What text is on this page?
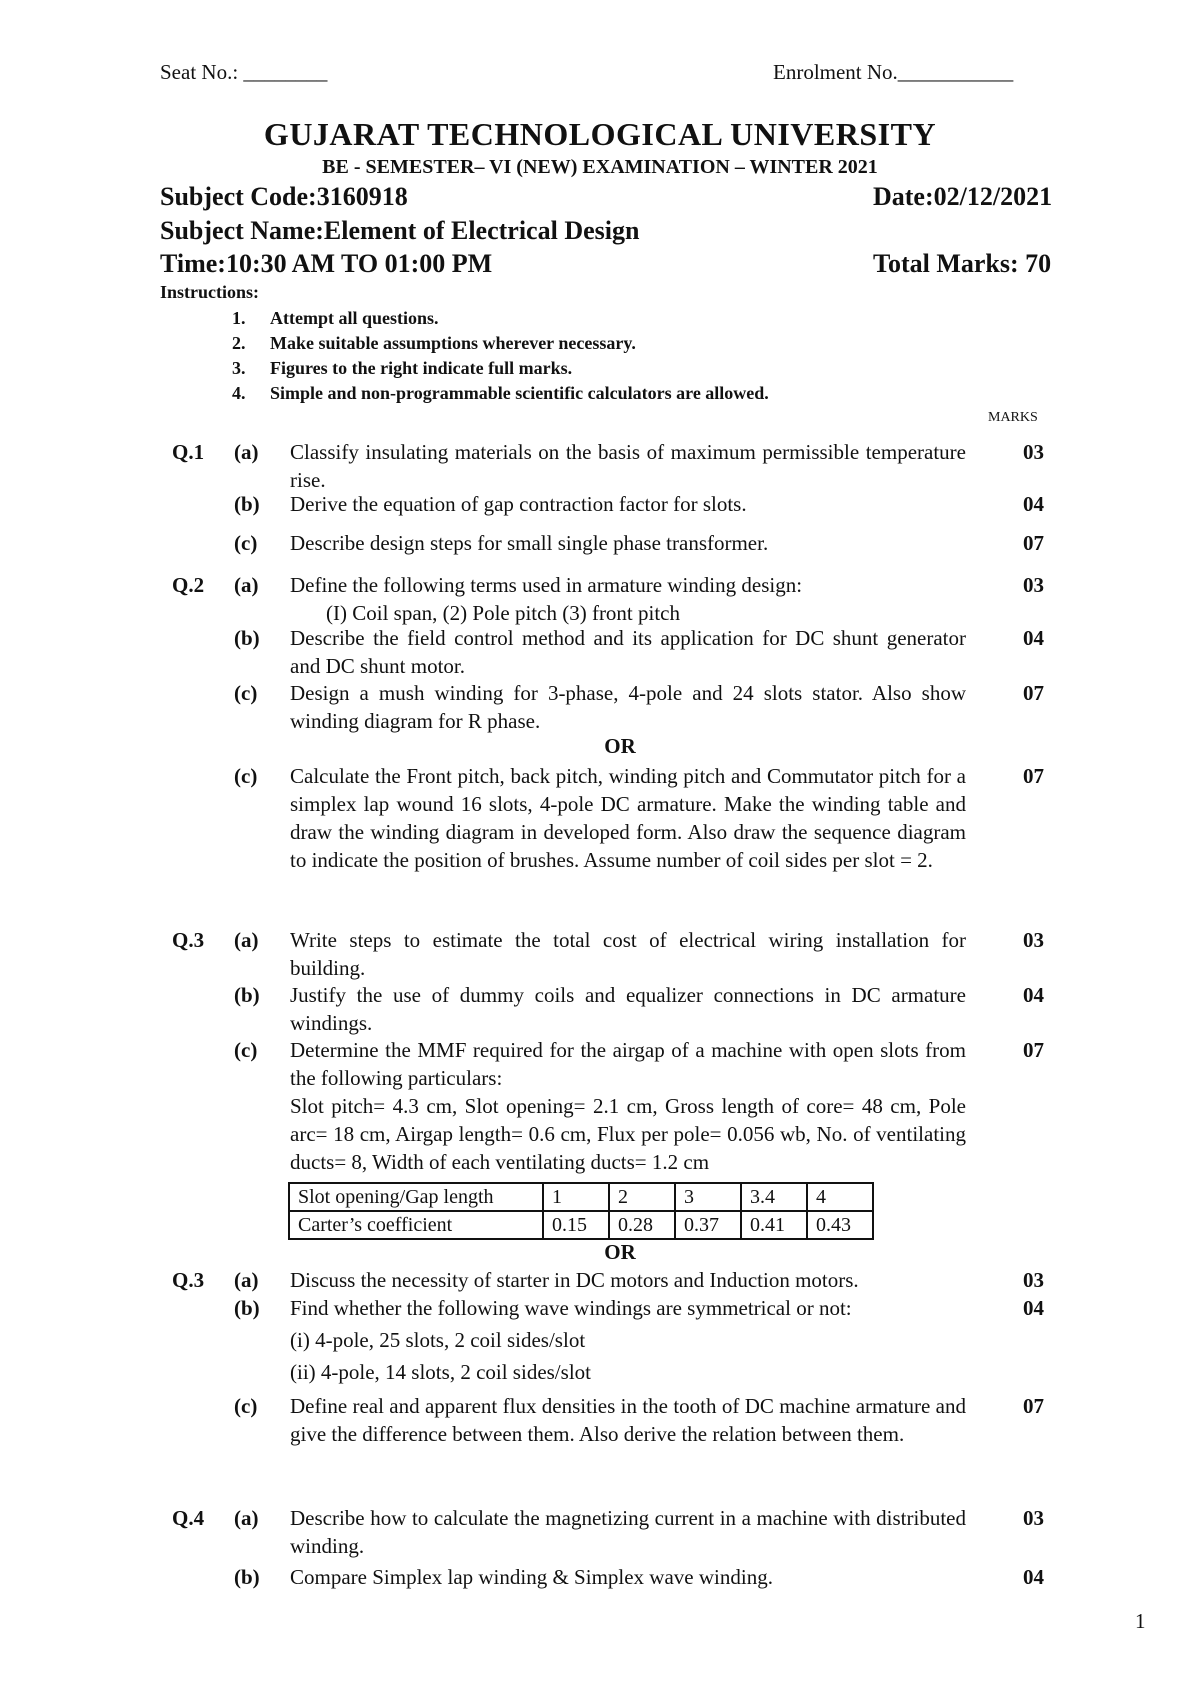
Seat No.: ________	Enrolment No.___________
GUJARAT TECHNOLOGICAL UNIVERSITY
BE - SEMESTER– VI (NEW) EXAMINATION – WINTER 2021
Subject Code:3160918	Date:02/12/2021
Subject Name:Element of Electrical Design
Time:10:30 AM TO 01:00 PM	Total Marks: 70
Instructions:
1. Attempt all questions.
2. Make suitable assumptions wherever necessary.
3. Figures to the right indicate full marks.
4. Simple and non-programmable scientific calculators are allowed.
MARKS
Q.1 (a) Classify insulating materials on the basis of maximum permissible temperature rise.
03
(b) Derive the equation of gap contraction factor for slots.	04
(c) Describe design steps for small single phase transformer.	07
Q.2 (a) Define the following terms used in armature winding design:
(I) Coil span, (2) Pole pitch (3) front pitch
03
(b) Describe the field control method and its application for DC shunt generator and DC shunt motor.
04
(c) Design a mush winding for 3-phase, 4-pole and 24 slots stator. Also show winding diagram for R phase.
07
OR
(c) Calculate the Front pitch, back pitch, winding pitch and Commutator pitch for a simplex lap wound 16 slots, 4-pole DC armature. Make the winding table and draw the winding diagram in developed form. Also draw the sequence diagram to indicate the position of brushes. Assume number of coil sides per slot = 2.
07
Q.3 (a) Write steps to estimate the total cost of electrical wiring installation for building.
03
(b) Justify the use of dummy coils and equalizer connections in DC armature windings.
04
(c) Determine the MMF required for the airgap of a machine with open slots from the following particulars:
Slot pitch= 4.3 cm, Slot opening= 2.1 cm, Gross length of core= 48 cm, Pole arc= 18 cm, Airgap length= 0.6 cm, Flux per pole= 0.056 wb, No. of ventilating ducts= 8, Width of each ventilating ducts= 1.2 cm
07
Slot opening/Gap length	1	2	3	3.4	4
Carter’s coefficient	0.15	0.28	0.37	0.41	0.43
OR
Q.3 (a) Discuss the necessity of starter in DC motors and Induction motors.	03
(b) Find whether the following wave windings are symmetrical or not:
(i) 4-pole, 25 slots, 2 coil sides/slot
(ii) 4-pole, 14 slots, 2 coil sides/slot
04
(c) Define real and apparent flux densities in the tooth of DC machine armature and give the difference between them. Also derive the relation between them.
07
Q.4 (a) Describe how to calculate the magnetizing current in a machine with distributed winding.
03
(b) Compare Simplex lap winding & Simplex wave winding.	04
1
